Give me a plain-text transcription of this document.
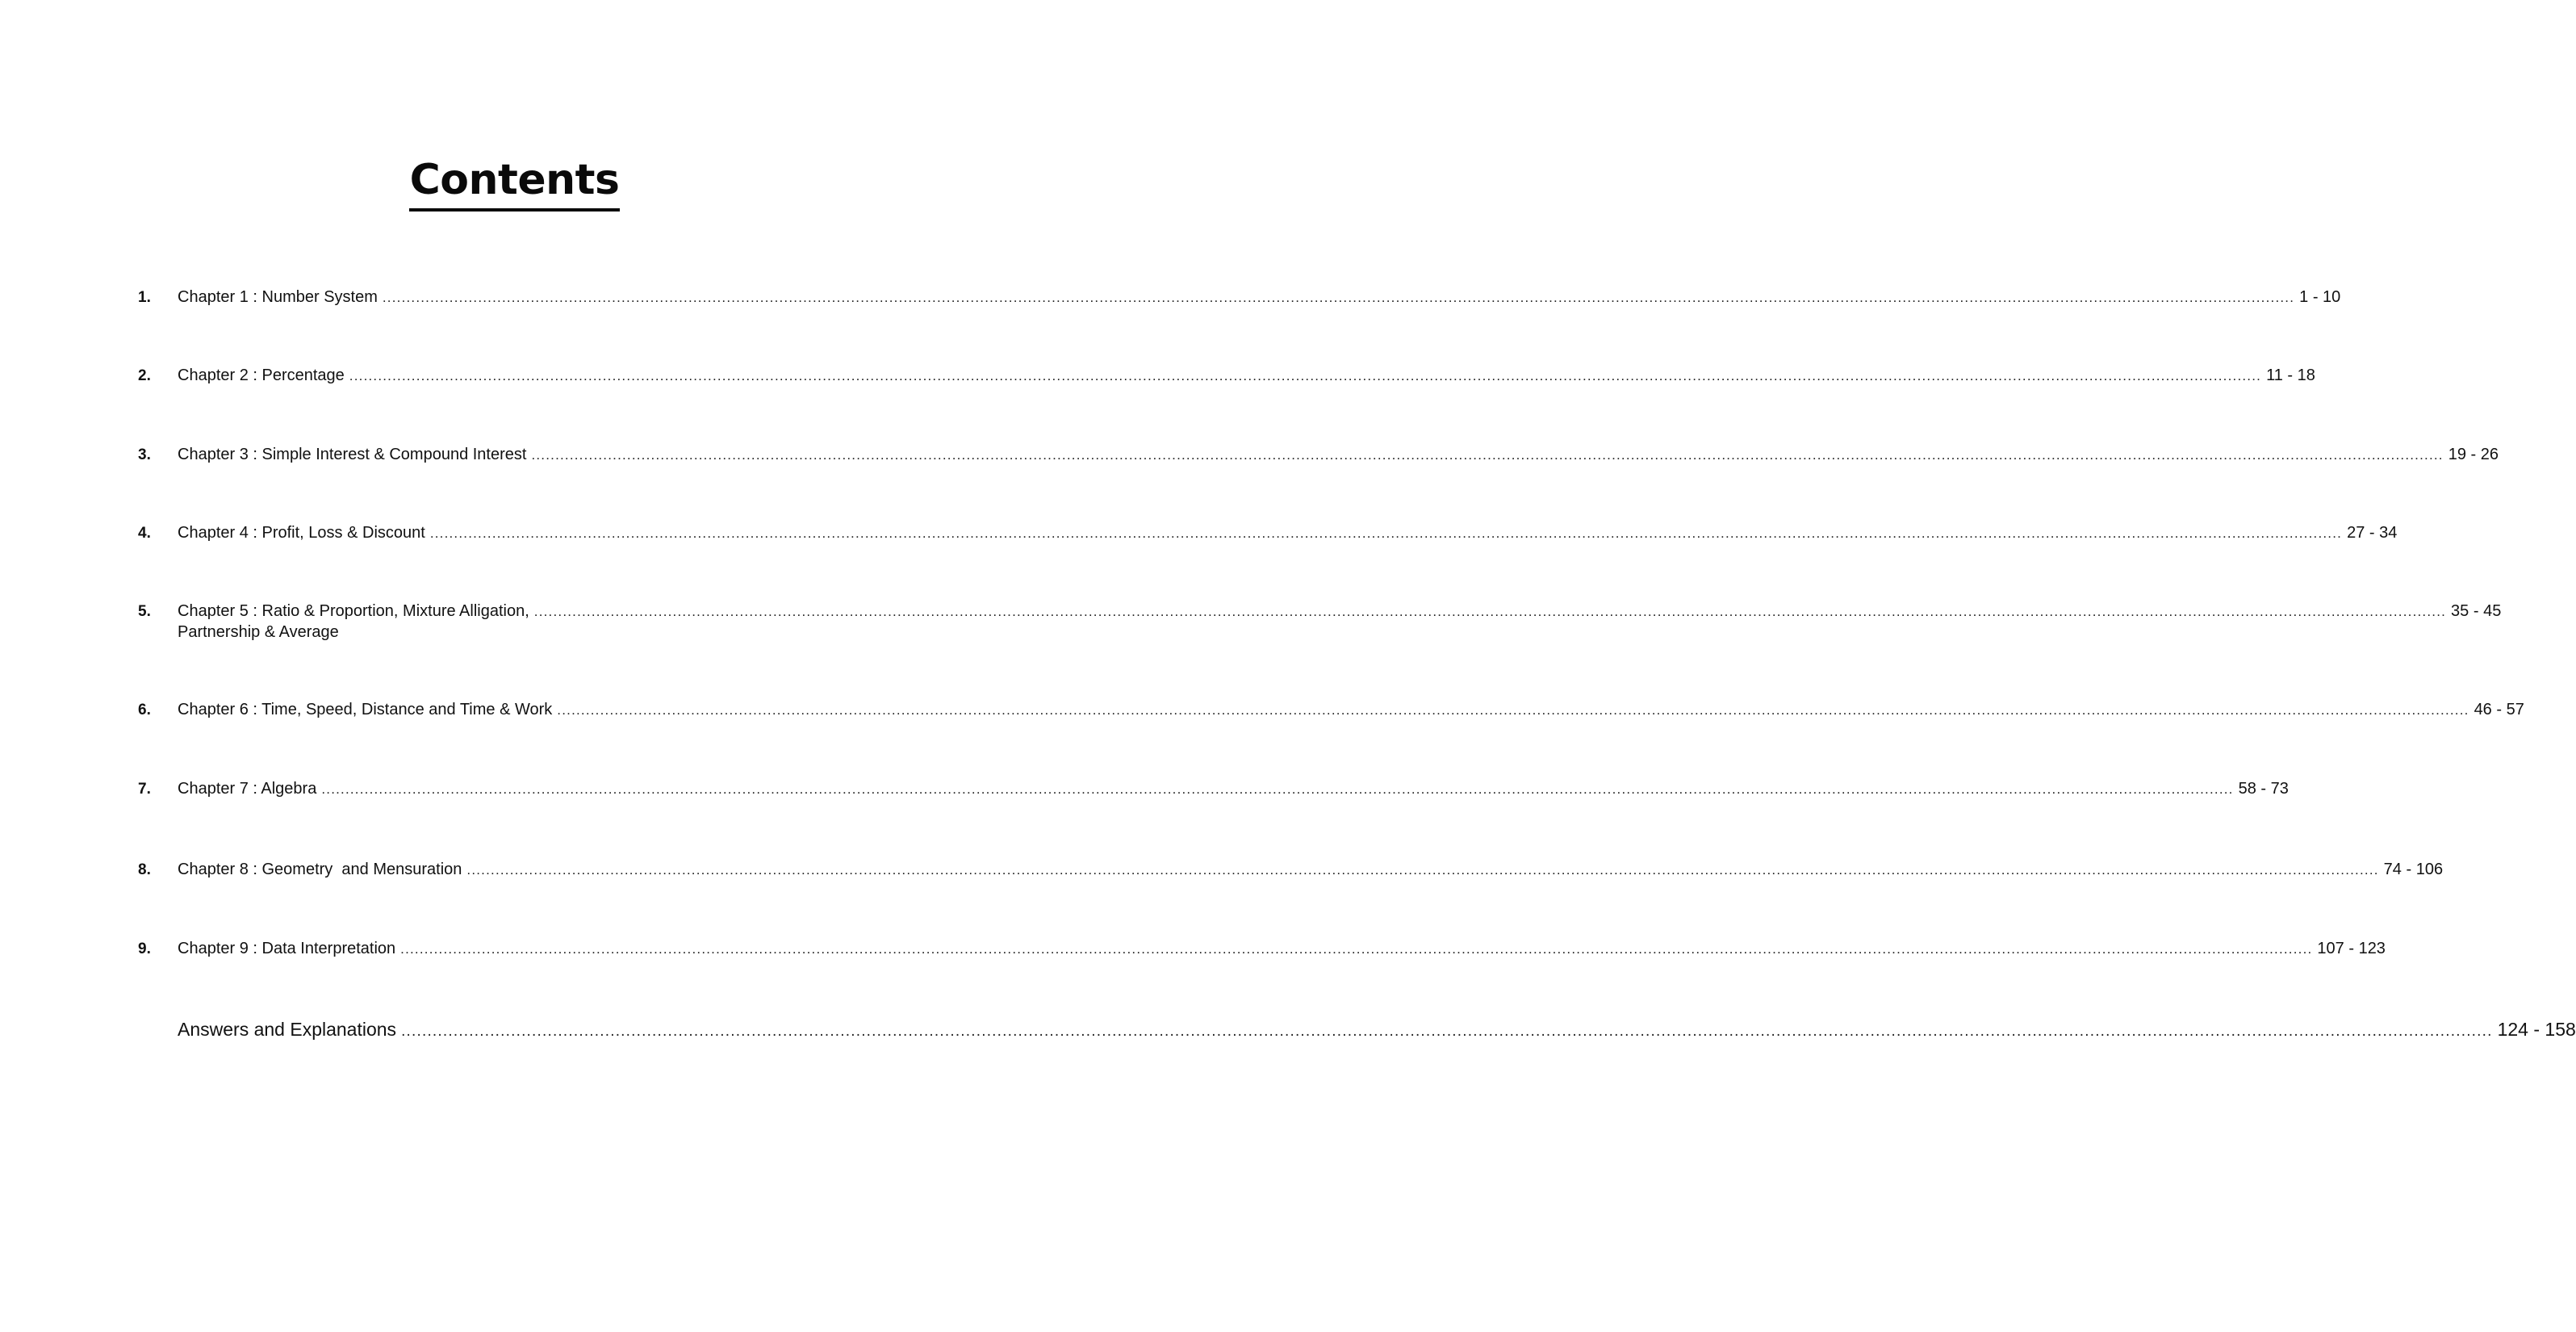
Contents
1.	Chapter 1 : Number System ................................................................................................................................................................................................................................................................................................................................................................................................................ 1 - 10
2.	Chapter 2 : Percentage ................................................................................................................................................................................................................................................................................................................................................................................................................ 11 - 18
3.	Chapter 3 : Simple Interest & Compound Interest ................................................................................................................................................................................................................................................................................................................................................................................................................ 19 - 26
4.	Chapter 4 : Profit, Loss & Discount ................................................................................................................................................................................................................................................................................................................................................................................................................ 27 - 34
5.	Chapter 5 : Ratio & Proportion, Mixture Alligation, ................................................................................................................................................................................................................................................................................................................................................................................................................ 35 - 45
Partnership & Average
6.	Chapter 6 : Time, Speed, Distance and Time & Work ................................................................................................................................................................................................................................................................................................................................................................................................................ 46 - 57
7.	Chapter 7 : Algebra ................................................................................................................................................................................................................................................................................................................................................................................................................ 58 - 73
8.	Chapter 8 : Geometry  and Mensuration ................................................................................................................................................................................................................................................................................................................................................................................................................ 74 - 106
9.	Chapter 9 : Data Interpretation ................................................................................................................................................................................................................................................................................................................................................................................................................ 107 - 123
Answers and Explanations ................................................................................................................................................................................................................................................................................................................................................................................................................ 124 - 158
